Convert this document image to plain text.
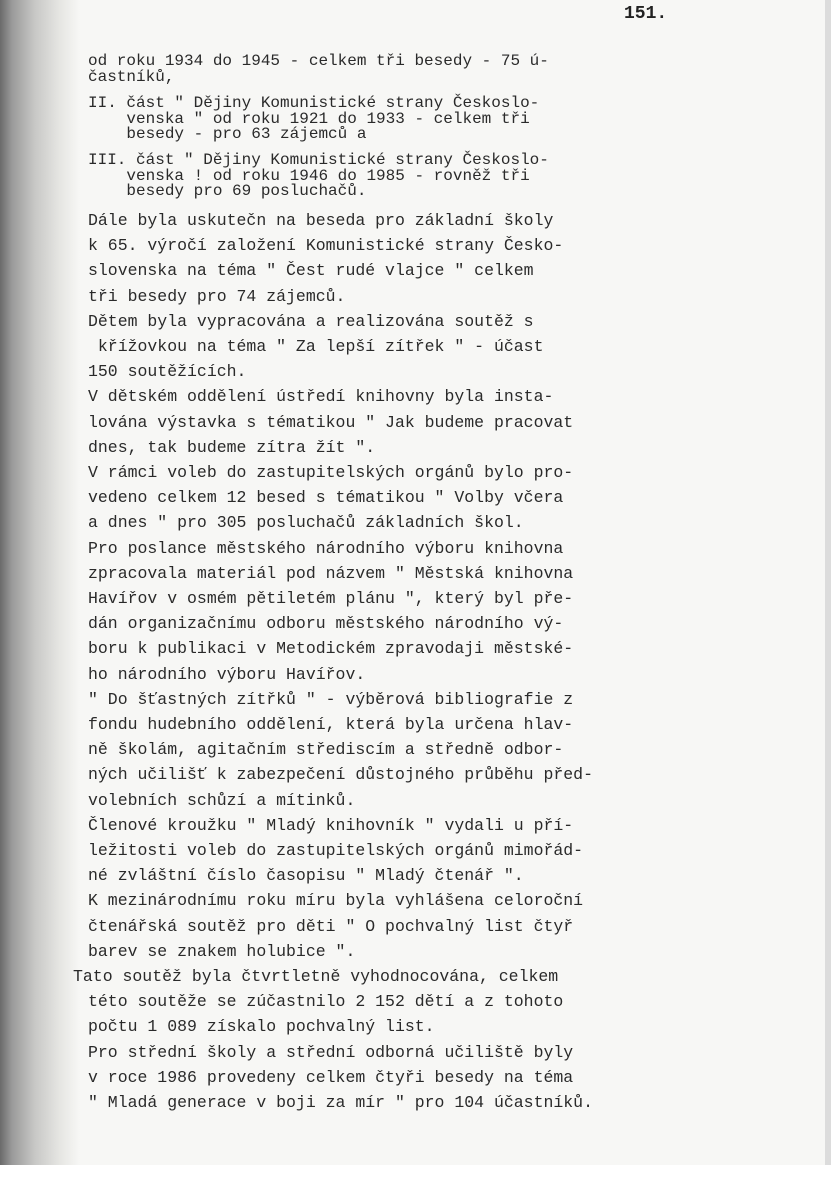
151.
od roku 1934 do 1945 - celkem tři besedy - 75 ú-
častníků,
II. část " Dějiny Komunistické strany Českoslo-
venska " od roku 1921 do 1933 - celkem tři
besedy - pro 63 zájemců a
III. část " Dějiny Komunistické strany Českoslo-
venska ! od roku 1946 do 1985 - rovněž tři
besedy pro 69 posluchačů.
Dále byla uskutečn na beseda pro základní školy
k 65. výročí založení Komunistické strany Česko-
slovenska na téma " Čest rudé vlajce " celkem
tři besedy pro 74 zájemců.
Dětem byla vypracována a realizována soutěž s
křížovkou na téma " Za lepší zítřek " - účast
150 soutěžících.
V dětském oddělení ústředí knihovny byla insta-
lována výstavka s tématikou " Jak budeme pracovat
dnes, tak budeme zítra žít ".
V rámci voleb do zastupitelských orgánů bylo pro-
vedeno celkem 12 besed s tématikou " Volby včera
a dnes " pro 305 posluchačů základních škol.
Pro poslance městského národního výboru knihovna
zpracovala materiál pod názvem " Městská knihovna
Havířov v osmém pětiletém plánu ", který byl pře-
dán organizačnímu odboru městského národního vý-
boru k publikaci v Metodickém zpravodaji městské-
ho národního výboru Havířov.
" Do šťastných zítřků " - výběrová bibliografie z
fondu hudebního oddělení, která byla určena hlav-
ně školám, agitačním střediscím a středně odbor-
ných učilišť k zabezpečení důstojného průběhu před-
volebních schůzí a mítinků.
Členové kroužku " Mladý knihovník " vydali u pří-
ležitosti voleb do zastupitelských orgánů mimořád-
né zvláštní číslo časopisu " Mladý čtenář ".
K mezinárodnímu roku míru byla vyhlášena celoroční
čtenářská soutěž pro děti " O pochvalný list čtyř
barev se znakem holubice ".
Tato soutěž byla čtvrtletně vyhodnocována, celkem
této soutěže se zúčastnilo 2 152 dětí a z tohoto
počtu 1 089 získalo pochvalný list.
Pro střední školy a střední odborná učiliště byly
v roce 1986 provedeny celkem čtyři besedy na téma
" Mladá generace v boji za mír " pro 104 účastníků.
